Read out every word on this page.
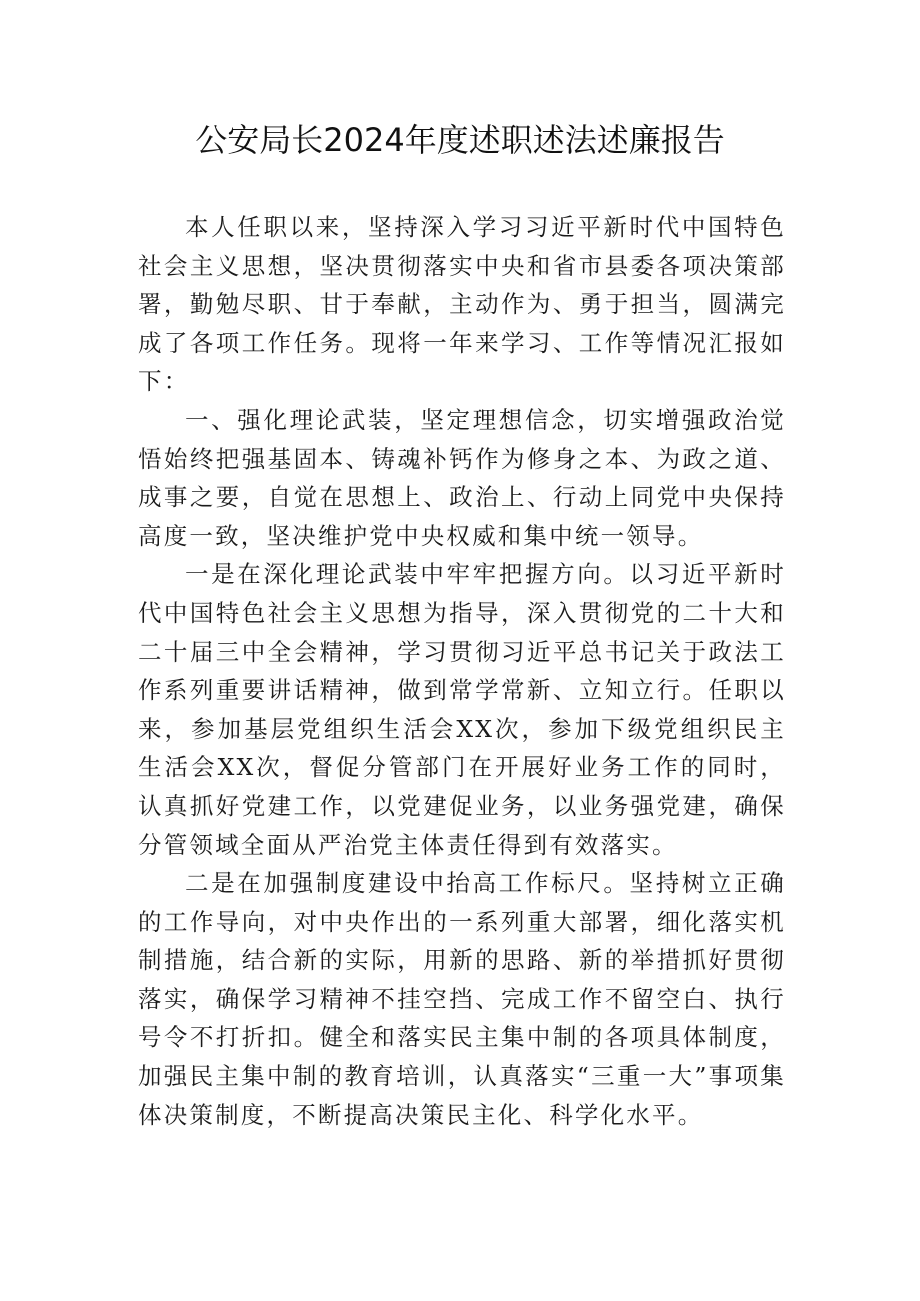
公安局长2024年度述职述法述廉报告

本人任职以来，坚持深入学习习近平新时代中国特色社会主义思想，坚决贯彻落实中央和省市县委各项决策部署，勤勉尽职、甘于奉献，主动作为、勇于担当，圆满完成了各项工作任务。现将一年来学习、工作等情况汇报如下：

一、强化理论武装，坚定理想信念，切实增强政治觉悟始终把强基固本、铸魂补钙作为修身之本、为政之道、成事之要，自觉在思想上、政治上、行动上同党中央保持高度一致，坚决维护党中央权威和集中统一领导。

一是在深化理论武装中牢牢把握方向。以习近平新时代中国特色社会主义思想为指导，深入贯彻党的二十大和二十届三中全会精神，学习贯彻习近平总书记关于政法工作系列重要讲话精神，做到常学常新、立知立行。任职以来，参加基层党组织生活会XX次，参加下级党组织民主生活会XX次，督促分管部门在开展好业务工作的同时，认真抓好党建工作，以党建促业务，以业务强党建，确保分管领域全面从严治党主体责任得到有效落实。

二是在加强制度建设中抬高工作标尺。坚持树立正确的工作导向，对中央作出的一系列重大部署，细化落实机制措施，结合新的实际，用新的思路、新的举措抓好贯彻落实，确保学习精神不挂空挡、完成工作不留空白、执行号令不打折扣。健全和落实民主集中制的各项具体制度，加强民主集中制的教育培训，认真落实“三重一大”事项集体决策制度，不断提高决策民主化、科学化水平。
